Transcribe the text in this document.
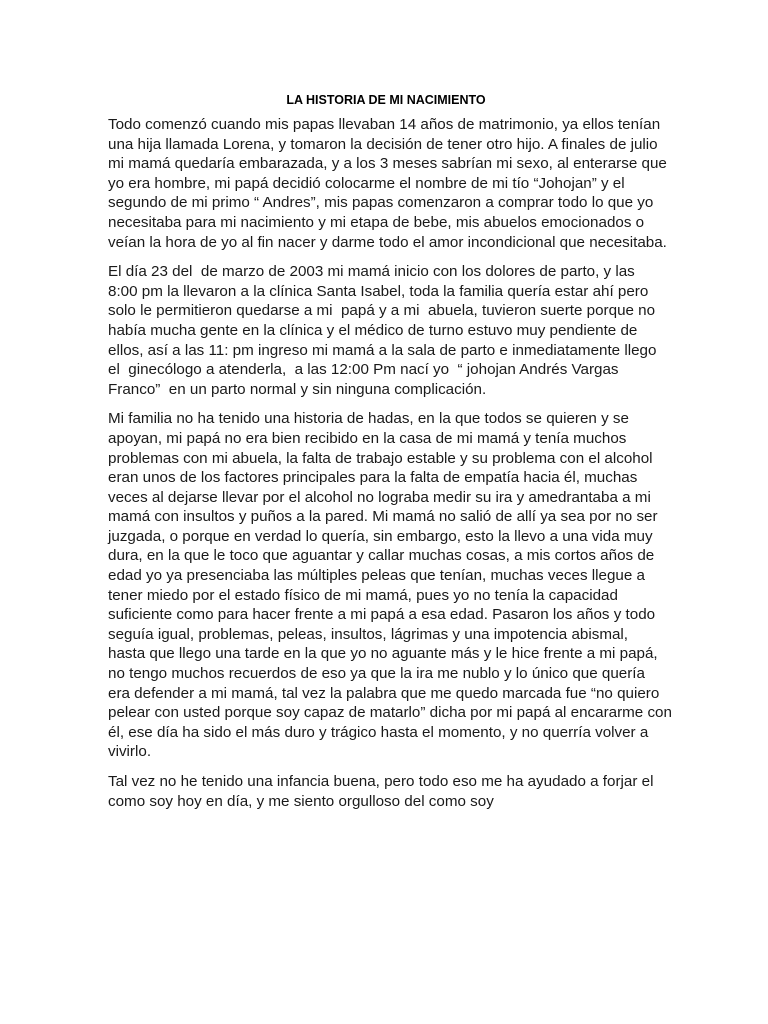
LA HISTORIA DE MI NACIMIENTO

Todo comenzó cuando mis papas llevaban 14 años de matrimonio, ya ellos tenían
una hija llamada Lorena, y tomaron la decisión de tener otro hijo. A finales de julio
mi mamá quedaría embarazada, y a los 3 meses sabrían mi sexo, al enterarse que
yo era hombre, mi papá decidió colocarme el nombre de mi tío “Johojan” y el
segundo de mi primo “ Andres”, mis papas comenzaron a comprar todo lo que yo
necesitaba para mi nacimiento y mi etapa de bebe, mis abuelos emocionados o
veían la hora de yo al fin nacer y darme todo el amor incondicional que necesitaba.

El día 23 del  de marzo de 2003 mi mamá inicio con los dolores de parto, y las
8:00 pm la llevaron a la clínica Santa Isabel, toda la familia quería estar ahí pero
solo le permitieron quedarse a mi  papá y a mi  abuela, tuvieron suerte porque no
había mucha gente en la clínica y el médico de turno estuvo muy pendiente de
ellos, así a las 11: pm ingreso mi mamá a la sala de parto e inmediatamente llego
el  ginecólogo a atenderla,  a las 12:00 Pm nací yo  “ johojan Andrés Vargas
Franco”  en un parto normal y sin ninguna complicación.

Mi familia no ha tenido una historia de hadas, en la que todos se quieren y se
apoyan, mi papá no era bien recibido en la casa de mi mamá y tenía muchos
problemas con mi abuela, la falta de trabajo estable y su problema con el alcohol
eran unos de los factores principales para la falta de empatía hacia él, muchas
veces al dejarse llevar por el alcohol no lograba medir su ira y amedrantaba a mi
mamá con insultos y puños a la pared. Mi mamá no salió de allí ya sea por no ser
juzgada, o porque en verdad lo quería, sin embargo, esto la llevo a una vida muy
dura, en la que le toco que aguantar y callar muchas cosas, a mis cortos años de
edad yo ya presenciaba las múltiples peleas que tenían, muchas veces llegue a
tener miedo por el estado físico de mi mamá, pues yo no tenía la capacidad
suficiente como para hacer frente a mi papá a esa edad. Pasaron los años y todo
seguía igual, problemas, peleas, insultos, lágrimas y una impotencia abismal,
hasta que llego una tarde en la que yo no aguante más y le hice frente a mi papá,
no tengo muchos recuerdos de eso ya que la ira me nublo y lo único que quería
era defender a mi mamá, tal vez la palabra que me quedo marcada fue “no quiero
pelear con usted porque soy capaz de matarlo” dicha por mi papá al encararme con
él, ese día ha sido el más duro y trágico hasta el momento, y no querría volver a
vivirlo.

Tal vez no he tenido una infancia buena, pero todo eso me ha ayudado a forjar el
como soy hoy en día, y me siento orgulloso del como soy
